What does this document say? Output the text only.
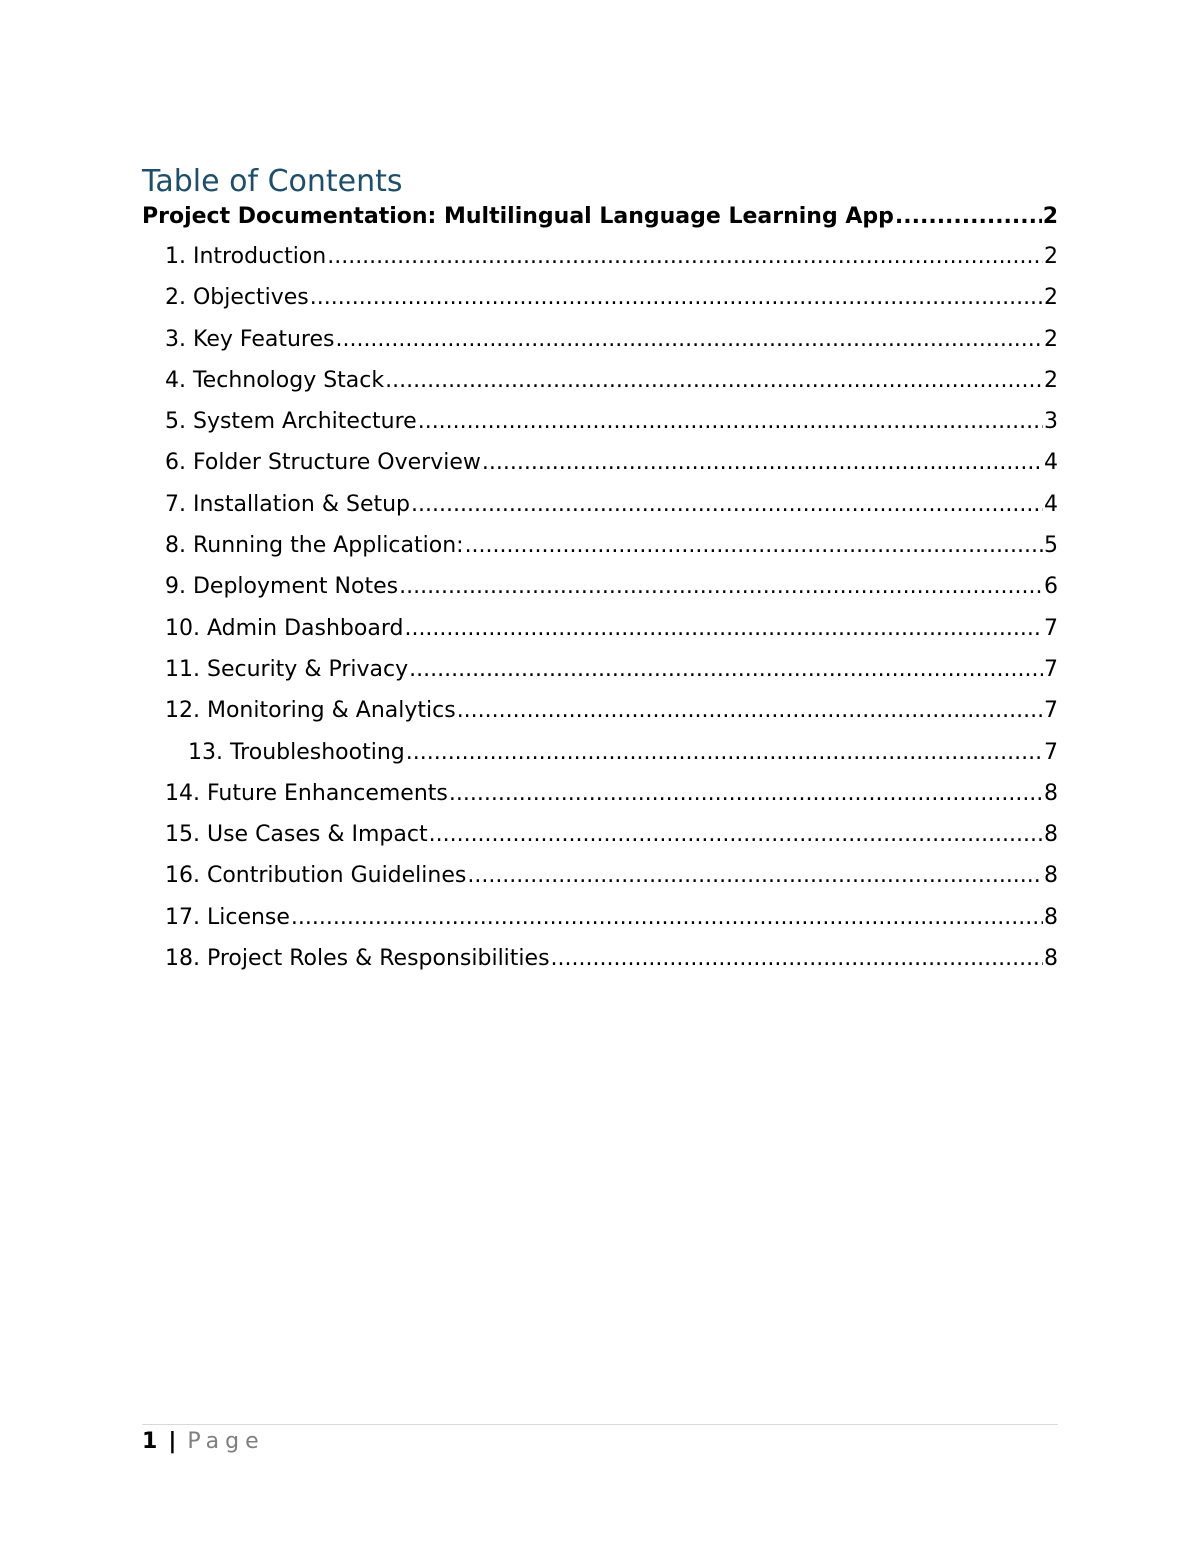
Table of Contents
Project Documentation: Multilingual Language Learning App .....	2
1. Introduction .....	2
2. Objectives .....	2
3. Key Features .....	2
4. Technology Stack .....	2
5. System Architecture .....	3
6. Folder Structure Overview .....	4
7. Installation & Setup .....	4
8. Running the Application: .....	5
9. Deployment Notes .....	6
10. Admin Dashboard .....	7
11. Security & Privacy .....	7
12. Monitoring & Analytics .....	7
13. Troubleshooting .....	7
14. Future Enhancements .....	8
15. Use Cases & Impact .....	8
16. Contribution Guidelines .....	8
17. License .....	8
18. Project Roles & Responsibilities .....	8
1 | Page
